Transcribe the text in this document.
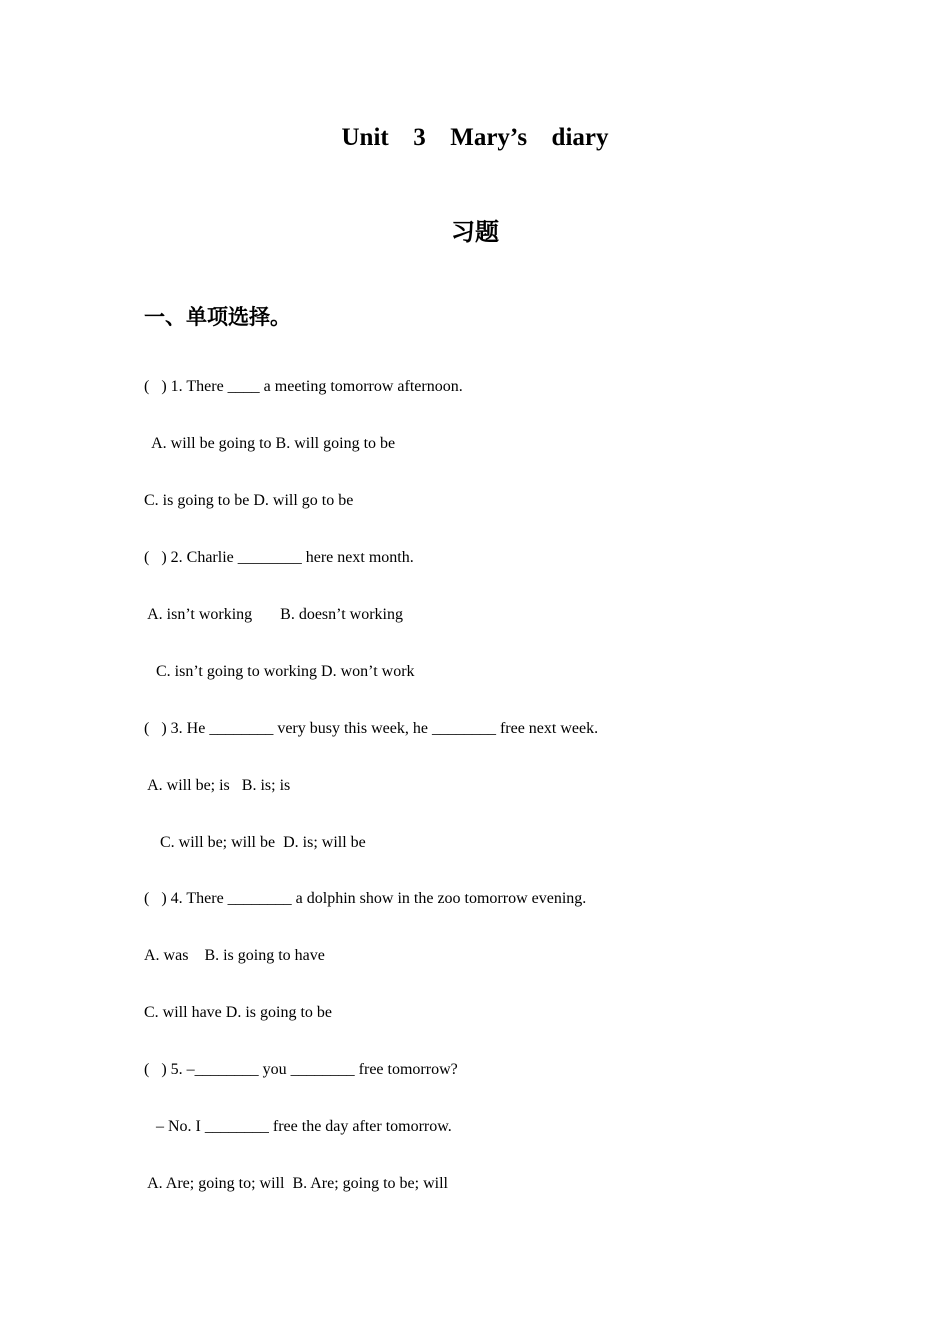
Unit  3  Mary’s  diary
习题
一、单项选择。
(   ) 1. There ____ a meeting tomorrow afternoon.
A. will be going to B. will going to be
C. is going to be D. will go to be
(   ) 2. Charlie ________ here next month.
A. isn’t working       B. doesn’t working
C. isn’t going to working D. won’t work
(   ) 3. He ________ very busy this week, he ________ free next week.
A. will be; is   B. is; is
C. will be; will be  D. is; will be
(   ) 4. There ________ a dolphin show in the zoo tomorrow evening.
A. was    B. is going to have
C. will have D. is going to be
(   ) 5. –________ you ________ free tomorrow?
– No. I ________ free the day after tomorrow.
A. Are; going to; will  B. Are; going to be; will
